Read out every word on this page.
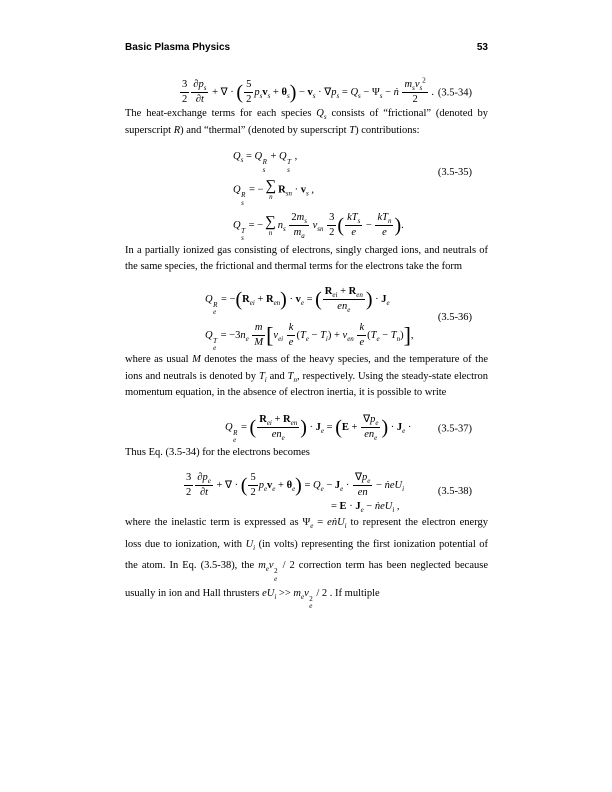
Basic Plasma Physics	53
$\frac{3}{2} \frac{\partial p_s}{\partial t}$ + ∇ · ( $\frac{5}{2} p_sv_s + \theta_s) - v_s \cdot \nabla p_s = Q_s - \Psi_s$ − ṅ
$m_sv_s^2$
2
. (3.5-34)

The heat-exchange terms for each species $Q_s$ consists of “frictional” (denoted by superscript R) and “thermal” (denoted by superscript T) contributions:

$Q_s = Q$ R
s
+ Q T
s
,
Q R
s
= − ∑
n
$R_{sn} \cdot v_s$ ,
Q T
s
= − ∑
n
$n_s \frac{2m_s}{m_a} \nu_{sn} \frac{3}{2}$ ( $kT_s$
e
−
$kT_n$
e ).
(3.5-35)

In a partially ionized gas consisting of electrons, singly charged ions, and neutrals of the same species, the frictional and thermal terms for the electrons take the form

Q R
e
= $-(R_{ei} + R_{en}) \cdot v_e$ = ( $R_{ei} + R_{en}$
$en_e$ ) · $J_e$
Q T
e
= $-3n_e \frac{m}{M} [\nu_{ei} \frac{k}{e} (T_e - T_i) + \nu_{en} \frac{k}{e} (T_e - T_n)]$,
(3.5-36)

where as usual M denotes the mass of the heavy species, and the temperature of the ions and neutrals is denoted by $T_i$ and $T_n$, respectively. Using the steady-state electron momentum equation, in the absence of electron inertia, it is possible to write

Q R
e
= ( $R_{ei} + R_{en}$
$en_e$ ) · $J_e = (E$ +
$\nabla p_e$
$en_e$ ) · $J_e$ ·	(3.5-37)

Thus Eq. (3.5-34) for the electrons becomes

$\frac{3}{2} \frac{\partial p_e}{\partial t}$ + ∇ · ( $\frac{5}{2} p_ev_e + \theta_e) = Q_e - J_e \cdot \frac{\nabla p_e}{en}$ − ṅeU$_i$
= $E \cdot J_e$ − ṅeU$_i$ ,
(3.5-38)

where the inelastic term is expressed as $\Psi_e$ = eṅU$_i$ to represent the electron energy loss due to ionization, with $U_i$ (in volts) representing the first ionization potential of the atom. In Eq. (3.5-38), the $m_ev$ 2
e
/ 2 correction term has been neglected because usually in ion and Hall thrusters $eU_i >> m_ev$ 2
e
/ 2 . If multiple
